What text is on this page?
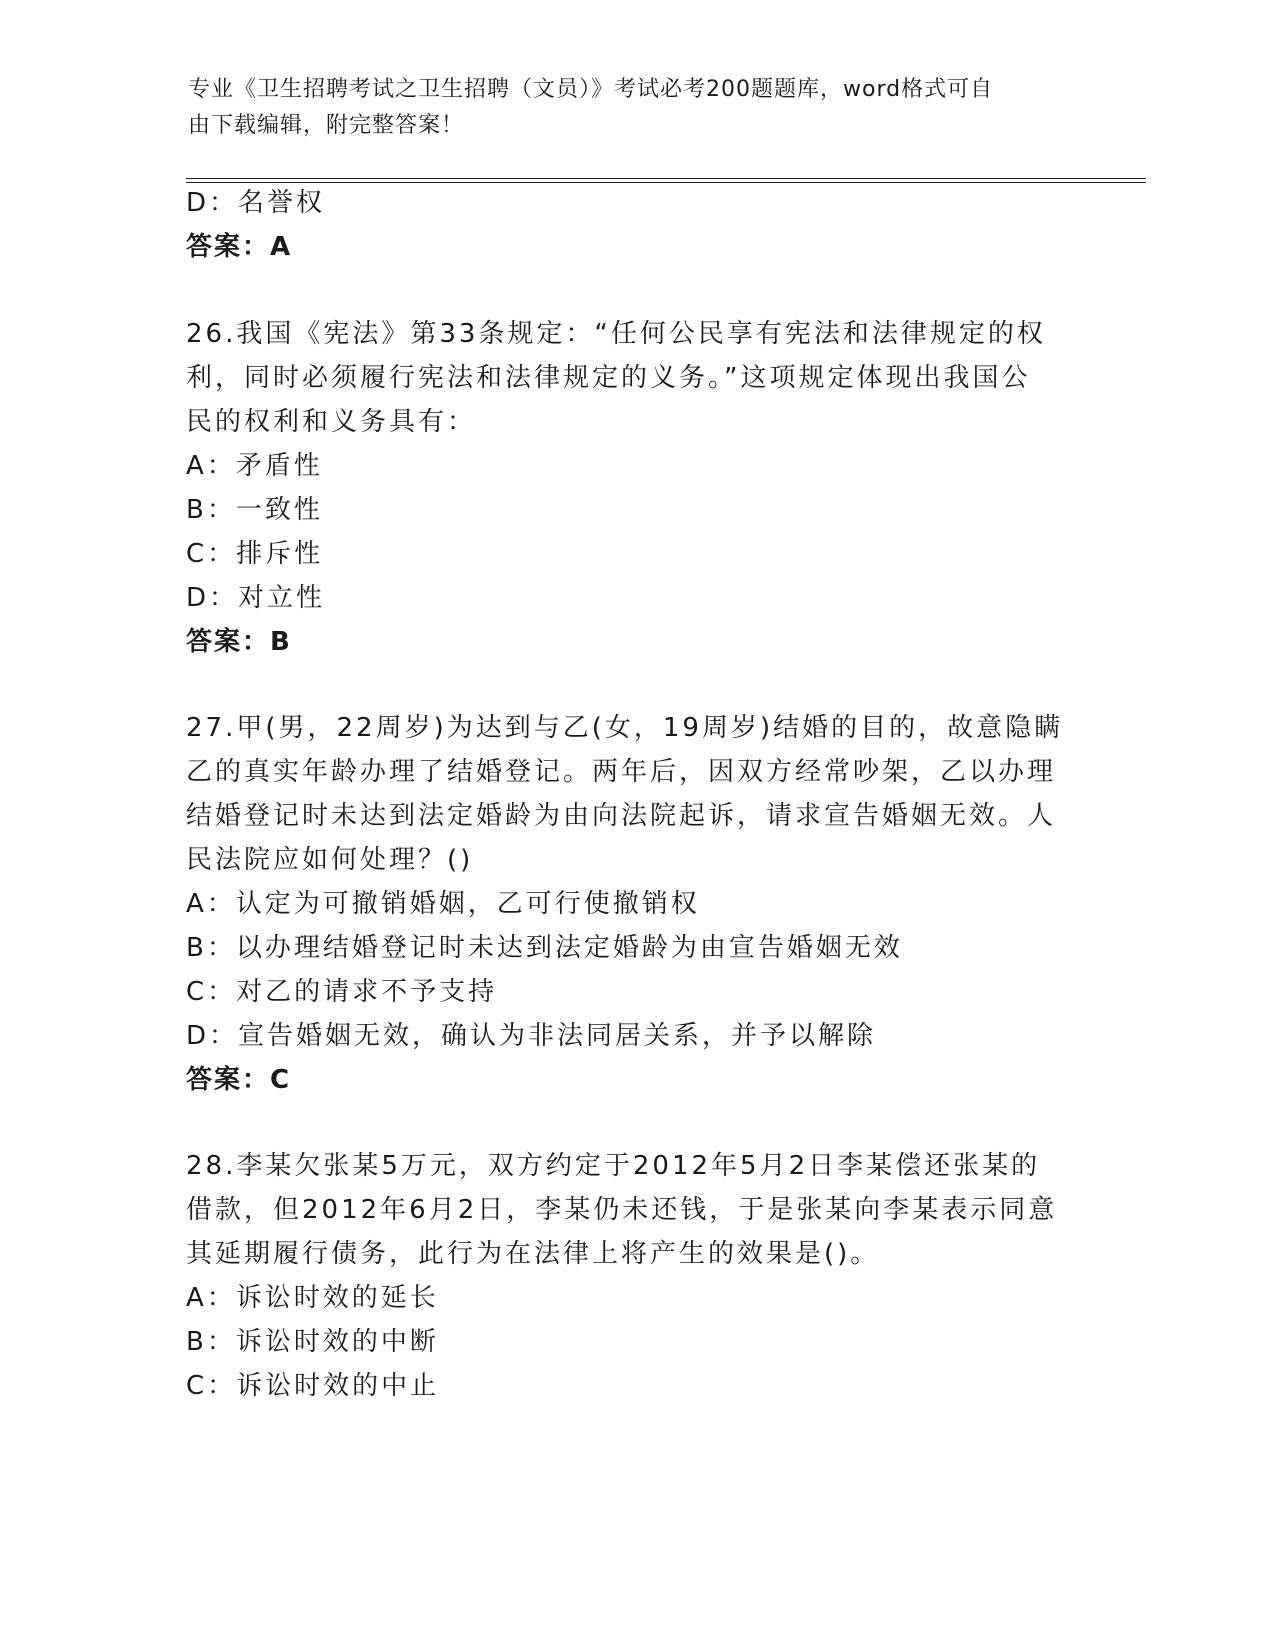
专业《卫生招聘考试之卫生招聘（文员）》考试必考200题题库，word格式可自
由下载编辑，附完整答案！
D：名誉权
答案：A
26.我国《宪法》第33条规定：“任何公民享有宪法和法律规定的权
利，同时必须履行宪法和法律规定的义务。”这项规定体现出我国公
民的权利和义务具有：
A：矛盾性
B：一致性
C：排斥性
D：对立性
答案：B
27.甲(男，22周岁)为达到与乙(女，19周岁)结婚的目的，故意隐瞒
乙的真实年龄办理了结婚登记。两年后，因双方经常吵架，乙以办理
结婚登记时未达到法定婚龄为由向法院起诉，请求宣告婚姻无效。人
民法院应如何处理？()
A：认定为可撤销婚姻，乙可行使撤销权
B：以办理结婚登记时未达到法定婚龄为由宣告婚姻无效
C：对乙的请求不予支持
D：宣告婚姻无效，确认为非法同居关系，并予以解除
答案：C
28.李某欠张某5万元，双方约定于2012年5月2日李某偿还张某的
借款，但2012年6月2日，李某仍未还钱，于是张某向李某表示同意
其延期履行债务，此行为在法律上将产生的效果是()。
A：诉讼时效的延长
B：诉讼时效的中断
C：诉讼时效的中止
